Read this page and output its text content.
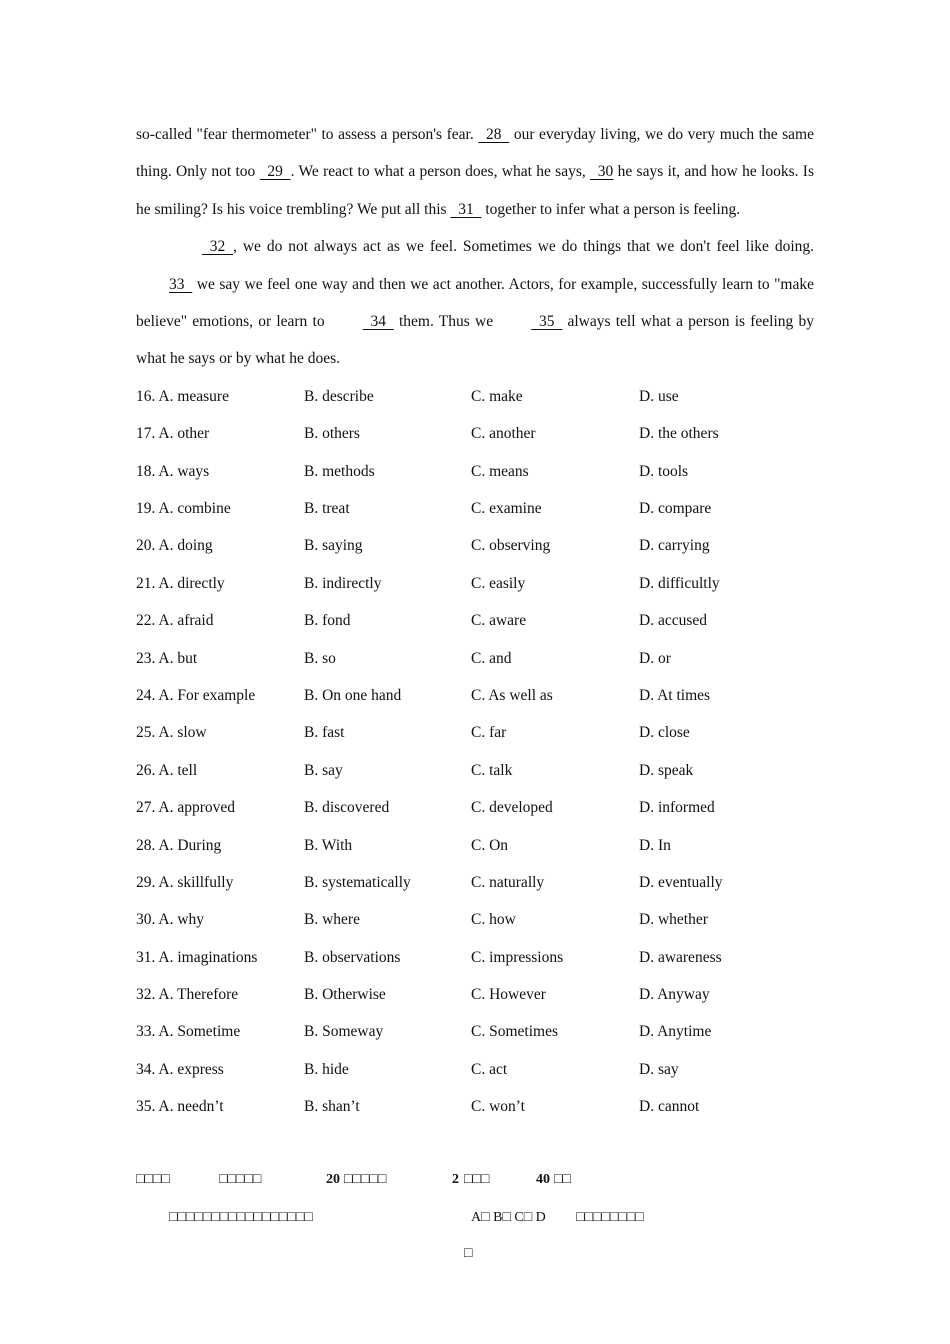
so-called "fear thermometer" to assess a person's fear.   28   our everyday living, we do very much the same thing. Only not too   29  . We react to what a person does, what he says,   30 he says it, and how he looks. Is he smiling? Is his voice trembling? We put all this   31   together to infer what a person is feeling.

32  , we do not always act as we feel. Sometimes we do things that we don't feel like doing. 33   we say we feel one way and then we act another. Actors, for example, successfully learn to "make believe" emotions, or learn to   34   them. Thus we   35   always tell what a person is feeling by what he says or by what he does.

16. A. measure	B. describe	C. make	D. use
17. A. other	B. others	C. another	D. the others
18. A. ways	B. methods	C. means	D. tools
19. A. combine	B. treat	C. examine	D. compare
20. A. doing	B. saying	C. observing	D. carrying
21. A. directly	B. indirectly	C. easily	D. difficultly
22. A. afraid	B. fond	C. aware	D. accused
23. A. but	B. so	C. and	D. or
24. A. For example	B. On one hand	C. As well as	D. At times
25. A. slow	B. fast	C. far	D. close
26. A. tell	B. say	C. talk	D. speak
27. A. approved	B. discovered	C. developed	D. informed
28. A. During	B. With	C. On	D. In
29. A. skillfully	B. systematically	C. naturally	D. eventually
30. A. why	B. where	C. how	D. whether
31. A. imaginations	B. observations	C. impressions	D. awareness
32. A. Therefore	B. Otherwise	C. However	D. Anyway
33. A. Sometime	B. Someway	C. Sometimes	D. Anytime
34. A. express	B. hide	C. act	D. say
35. A. needn’t	B. shan’t	C. won’t	D. cannot
□□□□	□□□□□	20 □□□□□	2 □□□	40 □□
□□□□□□□□□□□□□□□□□	A□ B□ C□ D □□□□□□□□
□
